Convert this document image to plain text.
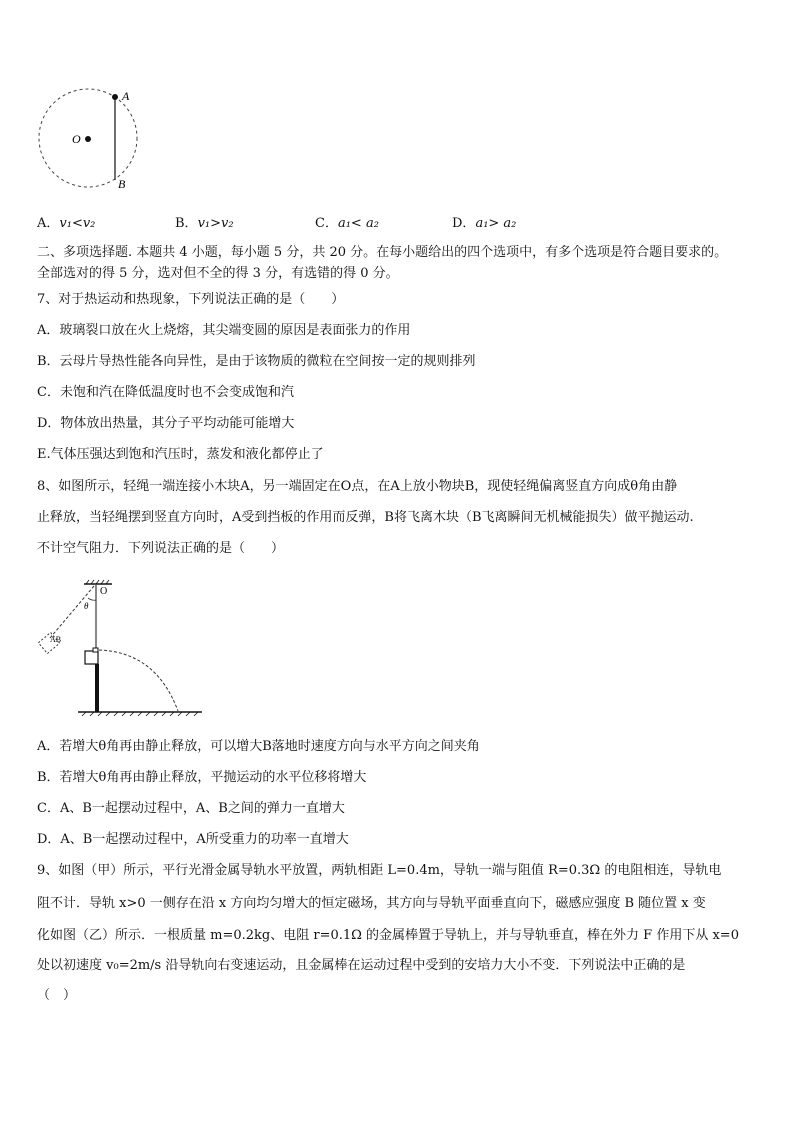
O
A
B
A．v₁<v₂	B．v₁>v₂	C．a₁< a₂	D．a₁> a₂
二、多项选择题. 本题共 4 小题，每小题 5 分，共 20 分。在每小题给出的四个选项中，有多个选项是符合题目要求的。
全部选对的得 5 分，选对但不全的得 3 分，有选错的得 0 分。
7、对于热运动和热现象，下列说法正确的是（　　）
A．玻璃裂口放在火上烧熔，其尖端变圆的原因是表面张力的作用
B．云母片导热性能各向异性，是由于该物质的微粒在空间按一定的规则排列
C．未饱和汽在降低温度时也不会变成饱和汽
D．物体放出热量，其分子平均动能可能增大
E.气体压强达到饱和汽压时，蒸发和液化都停止了
8、如图所示，轻绳一端连接小木块A，另一端固定在O点，在A上放小物块B，现使轻绳偏离竖直方向成θ角由静
止释放，当轻绳摆到竖直方向时，A受到挡板的作用而反弹，B将飞离木块（B飞离瞬间无机械能损失）做平抛运动.
不计空气阻力．下列说法正确的是（　　）
θ
O
AB
A．若增大θ角再由静止释放，可以增大B落地时速度方向与水平方向之间夹角
B．若增大θ角再由静止释放，平抛运动的水平位移将增大
C．A、B一起摆动过程中，A、B之间的弹力一直增大
D．A、B一起摆动过程中，A所受重力的功率一直增大
9、如图（甲）所示，平行光滑金属导轨水平放置，两轨相距 L=0.4m，导轨一端与阻值 R=0.3Ω 的电阻相连，导轨电
阻不计．导轨 x>0 一侧存在沿 x 方向均匀增大的恒定磁场，其方向与导轨平面垂直向下，磁感应强度 B 随位置 x 变
化如图（乙）所示．一根质量 m=0.2kg、电阻 r=0.1Ω 的金属棒置于导轨上，并与导轨垂直，棒在外力 F 作用下从 x=0
处以初速度 v₀=2m/s 沿导轨向右变速运动，且金属棒在运动过程中受到的安培力大小不变．下列说法中正确的是
（　）
